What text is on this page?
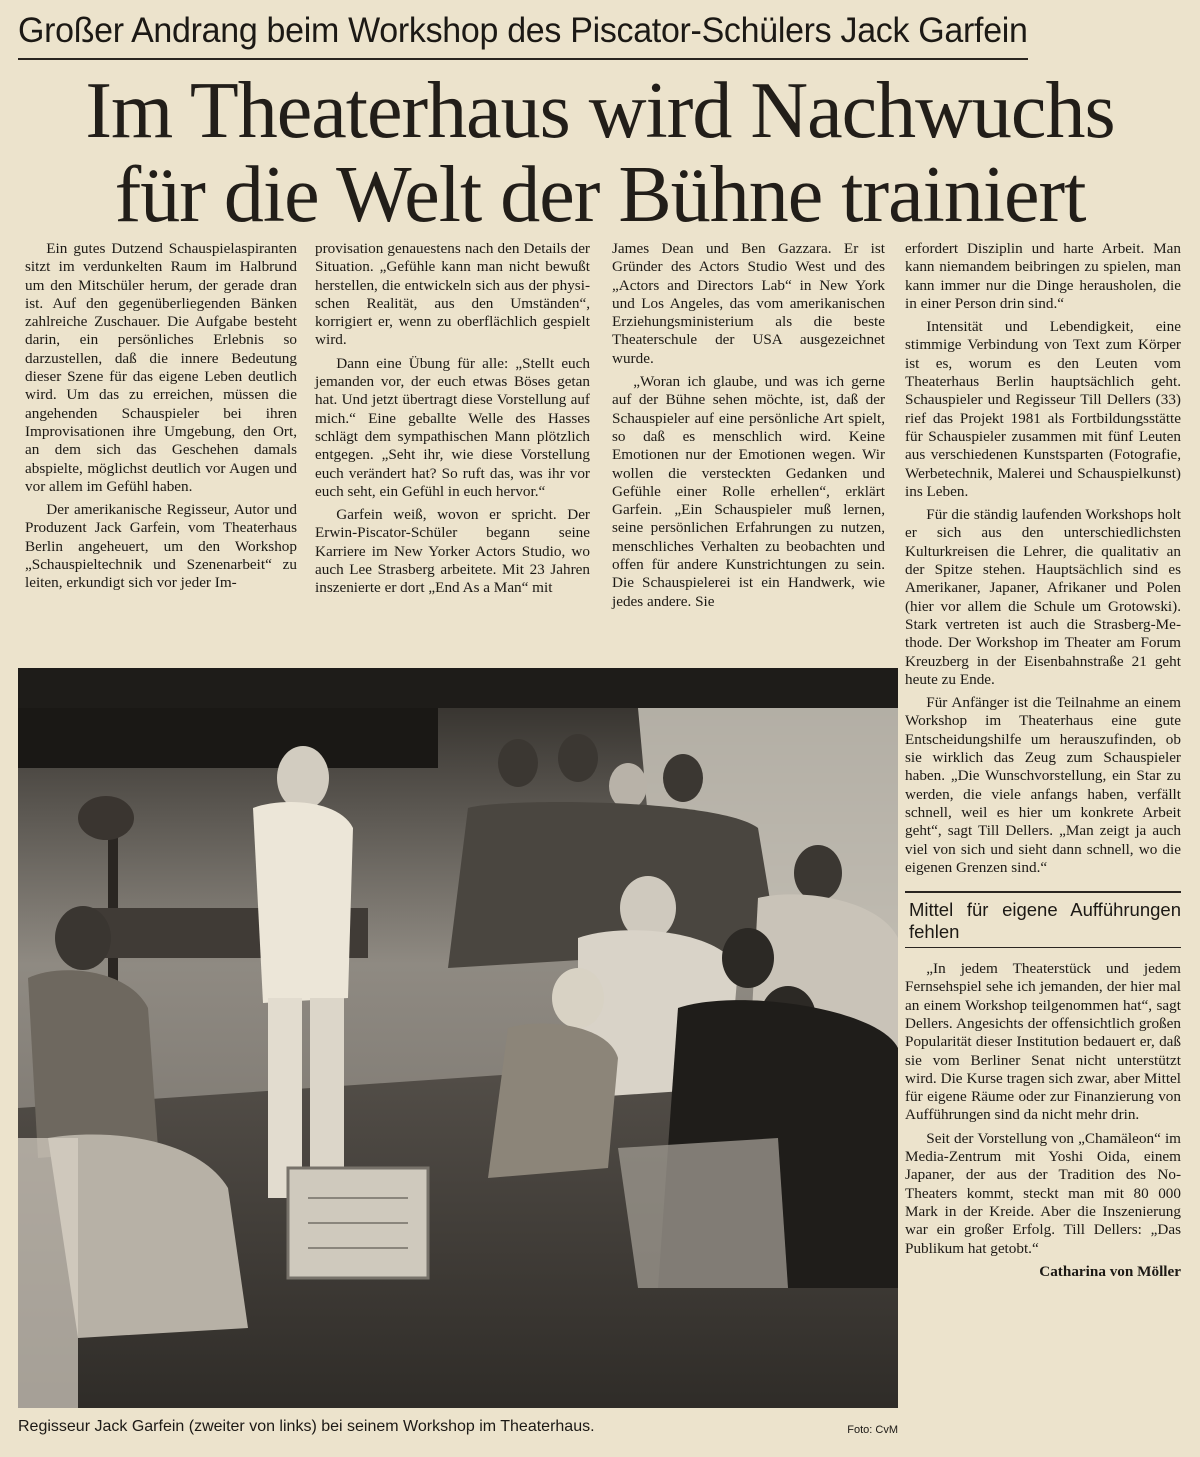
Großer Andrang beim Workshop des Piscator-Schülers Jack Garfein
Im Theaterhaus wird Nachwuchs
für die Welt der Bühne trainiert

Ein gutes Dutzend Schauspielaspiranten sitzt im verdunkelten Raum im Halbrund um den Mitschüler herum, der gerade dran ist. Auf den gegenüberliegenden Bänken zahlreiche Zuschauer. Die Aufgabe besteht darin, ein persönliches Erlebnis so darzustellen, daß die innere Bedeutung dieser Szene für das eigene Leben deutlich wird. Um das zu erreichen, müssen die angehenden Schauspieler bei ihren Improvisationen ihre Umgebung, den Ort, an dem sich das Geschehen damals abspielte, möglichst deutlich vor Augen und vor allem im Gefühl haben.

Der amerikanische Regisseur, Autor und Produzent Jack Garfein, vom Theaterhaus Berlin angeheuert, um den Workshop „Schauspieltechnik und Szenenarbeit“ zu leiten, erkundigt sich vor jeder Im-

provisation genauestens nach den Details der Situation. „Gefühle kann man nicht bewußt herstellen, die entwickeln sich aus der physischen Realität, aus den Umständen“, korrigiert er, wenn zu oberflächlich gespielt wird.

Dann eine Übung für alle: „Stellt euch jemanden vor, der euch etwas Böses getan hat. Und jetzt übertragt diese Vorstellung auf mich.“ Eine geballte Welle des Hasses schlägt dem sympathischen Mann plötzlich entgegen. „Seht ihr, wie diese Vorstellung euch verändert hat? So ruft das, was ihr vor euch seht, ein Gefühl in euch hervor.“

Garfein weiß, wovon er spricht. Der Erwin-Piscator-Schüler begann seine Karriere im New Yorker Actors Studio, wo auch Lee Strasberg arbeitete. Mit 23 Jahren inszenierte er dort „End As a Man“ mit

James Dean und Ben Gazzara. Er ist Gründer des Actors Studio West und des „Actors and Directors Lab“ in New York und Los Angeles, das vom amerikanischen Erziehungsministerium als die beste Theaterschule der USA ausgezeichnet wurde.

„Woran ich glaube, und was ich gerne auf der Bühne sehen möchte, ist, daß der Schauspieler auf eine persönliche Art spielt, so daß es menschlich wird. Keine Emotionen nur der Emotionen wegen. Wir wollen die versteckten Gedanken und Gefühle einer Rolle erhellen“, erklärt Garfein. „Ein Schauspieler muß lernen, seine persönlichen Erfahrungen zu nutzen, menschliches Verhalten zu beobachten und offen für andere Kunstrichtungen zu sein. Die Schauspielerei ist ein Handwerk, wie jedes andere. Sie

erfordert Disziplin und harte Arbeit. Man kann niemandem beibringen zu spielen, man kann immer nur die Dinge herausholen, die in einer Person drin sind.“

Intensität und Lebendigkeit, eine stimmige Verbindung von Text zum Körper ist es, worum es den Leuten vom Theaterhaus Berlin hauptsächlich geht. Schauspieler und Regisseur Till Dellers (33) rief das Projekt 1981 als Fortbildungsstätte für Schauspieler zusammen mit fünf Leuten aus verschiedenen Kunstsparten (Fotografie, Werbetechnik, Malerei und Schauspielkunst) ins Leben.

Für die ständig laufenden Workshops holt er sich aus den unterschiedlichsten Kulturkreisen die Lehrer, die qualitativ an der Spitze stehen. Hauptsächlich sind es Amerikaner, Japaner, Afrikaner und Polen (hier vor allem die Schule um Grotowski). Stark vertreten ist auch die Strasberg-Methode. Der Workshop im Theater am Forum Kreuzberg in der Eisenbahnstraße 21 geht heute zu Ende.

Für Anfänger ist die Teilnahme an einem Workshop im Theaterhaus eine gute Entscheidungshilfe um herauszufinden, ob sie wirklich das Zeug zum Schauspieler haben. „Die Wunschvorstellung, ein Star zu werden, die viele anfangs haben, verfällt schnell, weil es hier um konkrete Arbeit geht“, sagt Till Dellers. „Man zeigt ja auch viel von sich und sieht dann schnell, wo die eigenen Grenzen sind.“

Mittel für eigene Aufführungen fehlen

„In jedem Theaterstück und jedem Fernsehspiel sehe ich jemanden, der hier mal an einem Workshop teilgenommen hat“, sagt Dellers. Angesichts der offensichtlich großen Popularität dieser Institution bedauert er, daß sie vom Berliner Senat nicht unterstützt wird. Die Kurse tragen sich zwar, aber Mittel für eigene Räume oder zur Finanzierung von Aufführungen sind da nicht mehr drin.

Seit der Vorstellung von „Chamäleon“ im Media-Zentrum mit Yoshi Oida, einem Japaner, der aus der Tradition des No-Theaters kommt, steckt man mit 80 000 Mark in der Kreide. Aber die Inszenierung war ein großer Erfolg. Till Dellers: „Das Publikum hat getobt.“

Catharina von Möller

Regisseur Jack Garfein (zweiter von links) bei seinem Workshop im Theaterhaus.	Foto: CvM
